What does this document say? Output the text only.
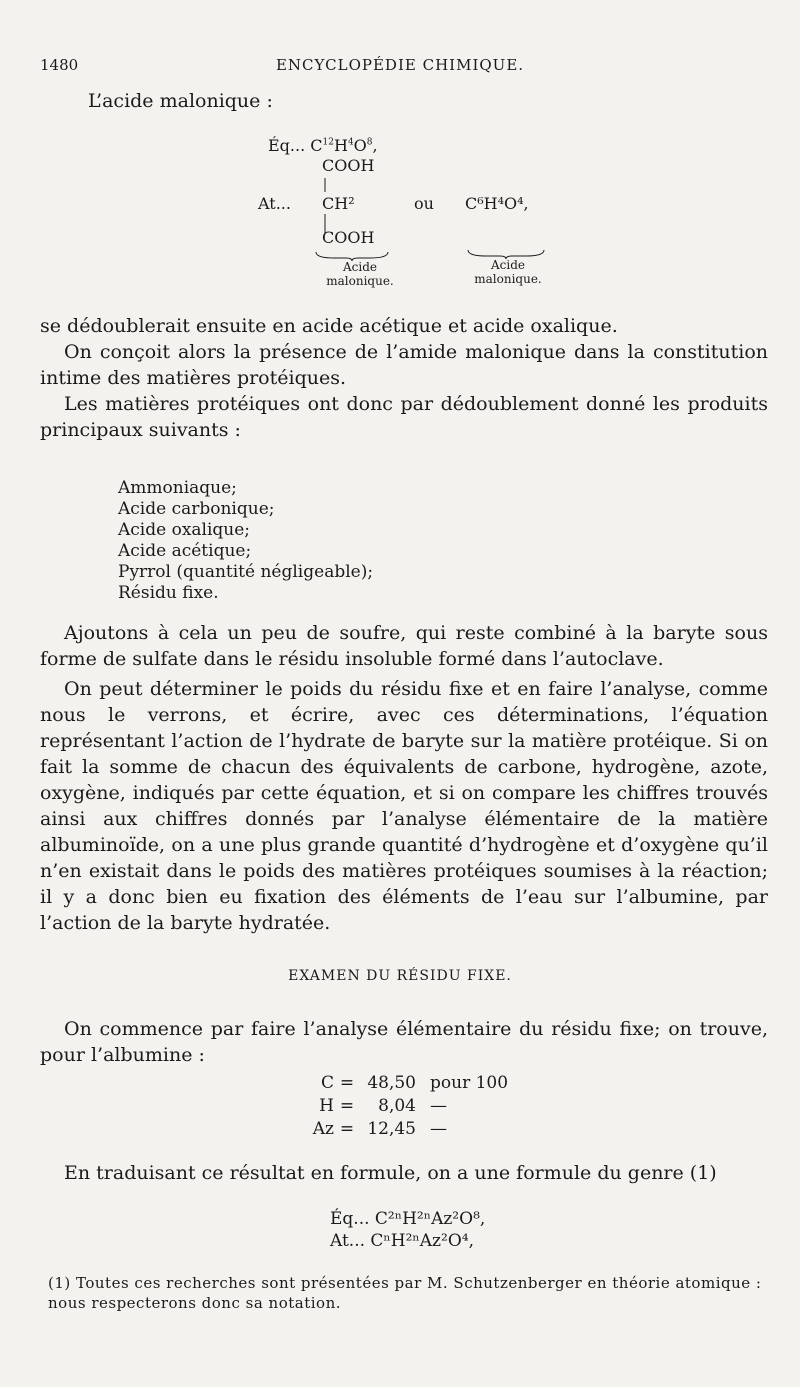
1480	ENCYCLOPÉDIE CHIMIQUE.
L’acide malonique :
Éq... $C^{12}H^4O^8$,
COOH
At... CH²	ou C⁶H⁴O⁴,
COOH
Acide
malonique.
Acide
malonique.
se dédoublerait ensuite en acide acétique et acide oxalique.
On conçoit alors la présence de l’amide malonique dans la constitution intime des matières protéiques.
Les matières protéiques ont donc par dédoublement donné les produits principaux suivants :
Ammoniaque;
Acide carbonique;
Acide oxalique;
Acide acétique;
Pyrrol (quantité négligeable);
Résidu fixe.
Ajoutons à cela un peu de soufre, qui reste combiné à la baryte sous forme de sulfate dans le résidu insoluble formé dans l’autoclave.
On peut déterminer le poids du résidu fixe et en faire l’analyse, comme nous le verrons, et écrire, avec ces déterminations, l’équation représentant l’action de l’hydrate de baryte sur la matière protéique. Si on fait la somme de chacun des équivalents de carbone, hydrogène, azote, oxygène, indiqués par cette équation, et si on compare les chiffres trouvés ainsi aux chiffres donnés par l’analyse élémentaire de la matière albuminoïde, on a une plus grande quantité d’hydrogène et d’oxygène qu’il n’en existait dans le poids des matières protéiques soumises à la réaction; il y a donc bien eu fixation des éléments de l’eau sur l’albumine, par l’action de la baryte hydratée.
EXAMEN DU RÉSIDU FIXE.
On commence par faire l’analyse élémentaire du résidu fixe; on trouve, pour l’albumine :
C = 48,50 pour 100
H = 8,04 —
Az = 12,45 —
En traduisant ce résultat en formule, on a une formule du genre (1)
Éq... C²ⁿH²ⁿAz²O⁸,
At... CⁿH²ⁿAz²O⁴,
(1) Toutes ces recherches sont présentées par M. Schutzenberger en théorie atomique : nous respecterons donc sa notation.
